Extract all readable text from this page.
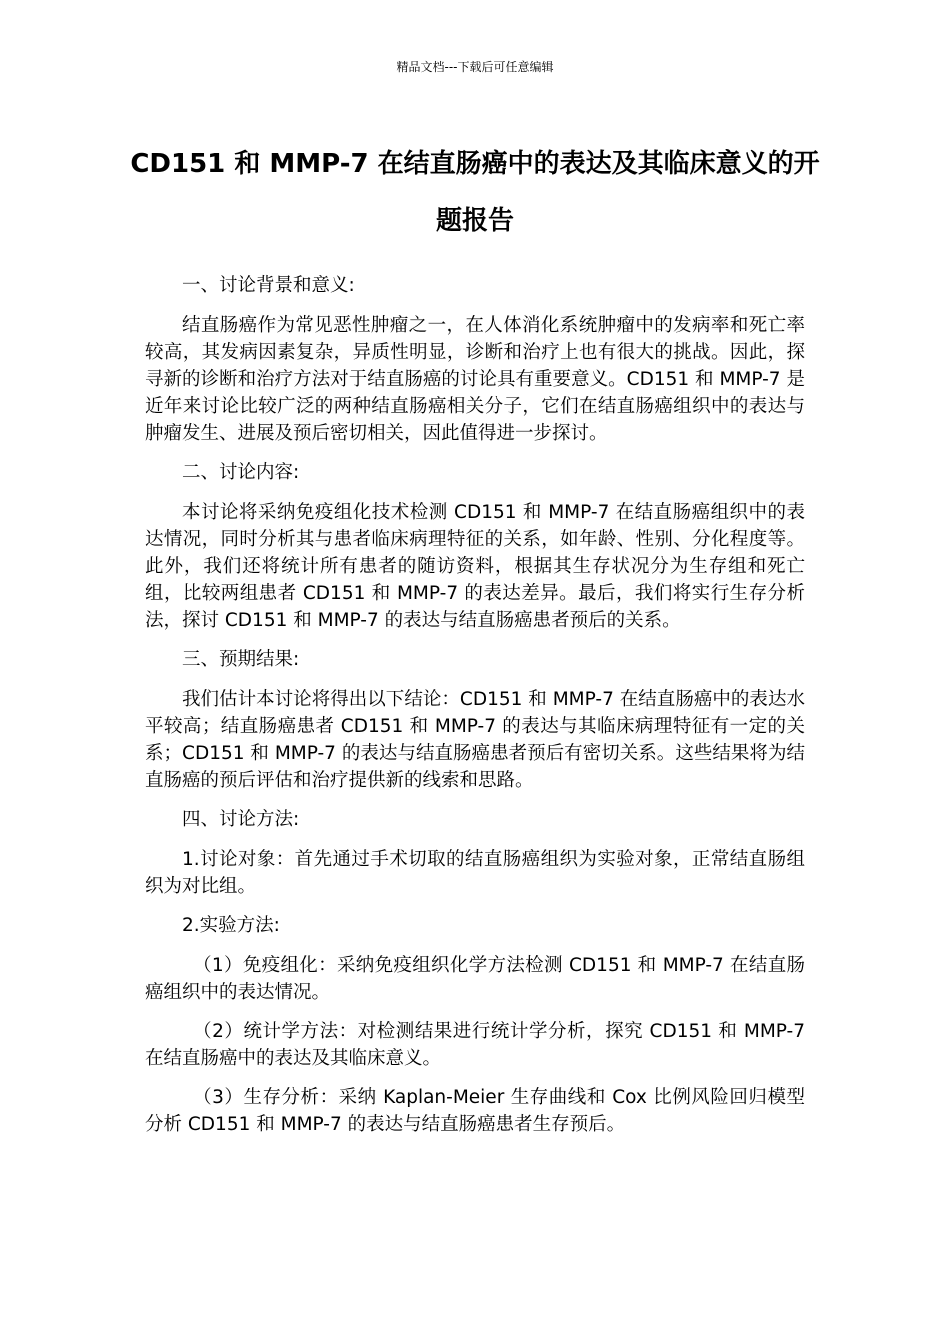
精品文档---下载后可任意编辑
CD151 和 MMP-7 在结直肠癌中的表达及其临床意义的开题报告

一、讨论背景和意义:

结直肠癌作为常见恶性肿瘤之一，在人体消化系统肿瘤中的发病率和死亡率较高，其发病因素复杂，异质性明显，诊断和治疗上也有很大的挑战。因此，探寻新的诊断和治疗方法对于结直肠癌的讨论具有重要意义。CD151 和 MMP-7 是近年来讨论比较广泛的两种结直肠癌相关分子，它们在结直肠癌组织中的表达与肿瘤发生、进展及预后密切相关，因此值得进一步探讨。

二、讨论内容:

本讨论将采纳免疫组化技术检测 CD151 和 MMP-7 在结直肠癌组织中的表达情况，同时分析其与患者临床病理特征的关系，如年龄、性别、分化程度等。此外，我们还将统计所有患者的随访资料，根据其生存状况分为生存组和死亡组，比较两组患者 CD151 和 MMP-7 的表达差异。最后，我们将实行生存分析法，探讨 CD151 和 MMP-7 的表达与结直肠癌患者预后的关系。

三、预期结果:

我们估计本讨论将得出以下结论：CD151 和 MMP-7 在结直肠癌中的表达水平较高；结直肠癌患者 CD151 和 MMP-7 的表达与其临床病理特征有一定的关系；CD151 和 MMP-7 的表达与结直肠癌患者预后有密切关系。这些结果将为结直肠癌的预后评估和治疗提供新的线索和思路。

四、讨论方法:

1.讨论对象：首先通过手术切取的结直肠癌组织为实验对象，正常结直肠组织为对比组。

2.实验方法:

（1）免疫组化：采纳免疫组织化学方法检测 CD151 和 MMP-7 在结直肠癌组织中的表达情况。

（2）统计学方法：对检测结果进行统计学分析，探究 CD151 和 MMP-7 在结直肠癌中的表达及其临床意义。

（3）生存分析：采纳 Kaplan-Meier 生存曲线和 Cox 比例风险回归模型分析 CD151 和 MMP-7 的表达与结直肠癌患者生存预后。
